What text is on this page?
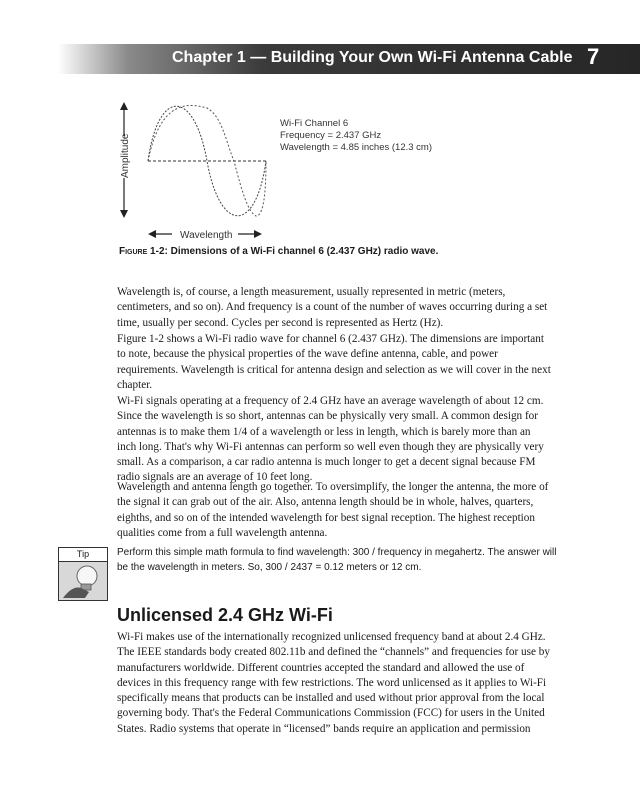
Chapter 1 — Building Your Own Wi-Fi Antenna Cable 7
Amplitude
Wavelength
Wi-Fi Channel 6
Frequency = 2.437 GHz
Wavelength = 4.85 inches (12.3 cm)
Figure 1-2: Dimensions of a Wi-Fi channel 6 (2.437 GHz) radio wave.

Wavelength is, of course, a length measurement, usually represented in metric (meters, centimeters, and so on). And frequency is a count of the number of waves occurring during a set time, usually per second. Cycles per second is represented as Hertz (Hz).

Figure 1-2 shows a Wi-Fi radio wave for channel 6 (2.437 GHz). The dimensions are important to note, because the physical properties of the wave define antenna, cable, and power requirements. Wavelength is critical for antenna design and selection as we will cover in the next chapter.

Wi-Fi signals operating at a frequency of 2.4 GHz have an average wavelength of about 12 cm. Since the wavelength is so short, antennas can be physically very small. A common design for antennas is to make them 1/4 of a wavelength or less in length, which is barely more than an inch long. That's why Wi-Fi antennas can perform so well even though they are physically very small. As a comparison, a car radio antenna is much longer to get a decent signal because FM radio signals are an average of 10 feet long.

Wavelength and antenna length go together. To oversimplify, the longer the antenna, the more of the signal it can grab out of the air. Also, antenna length should be in whole, halves, quarters, eighths, and so on of the intended wavelength for best signal reception. The highest reception qualities come from a full wavelength antenna.

Tip	Perform this simple math formula to find wavelength: 300 / frequency in megahertz. The answer will be the wavelength in meters. So, 300 / 2437 = 0.12 meters or 12 cm.
Unlicensed 2.4 GHz Wi-Fi

Wi-Fi makes use of the internationally recognized unlicensed frequency band at about 2.4 GHz. The IEEE standards body created 802.11b and defined the “channels” and frequencies for use by manufacturers worldwide. Different countries accepted the standard and allowed the use of devices in this frequency range with few restrictions. The word unlicensed as it applies to Wi-Fi specifically means that products can be installed and used without prior approval from the local governing body. That's the Federal Communications Commission (FCC) for users in the United States. Radio systems that operate in “licensed” bands require an application and permission
